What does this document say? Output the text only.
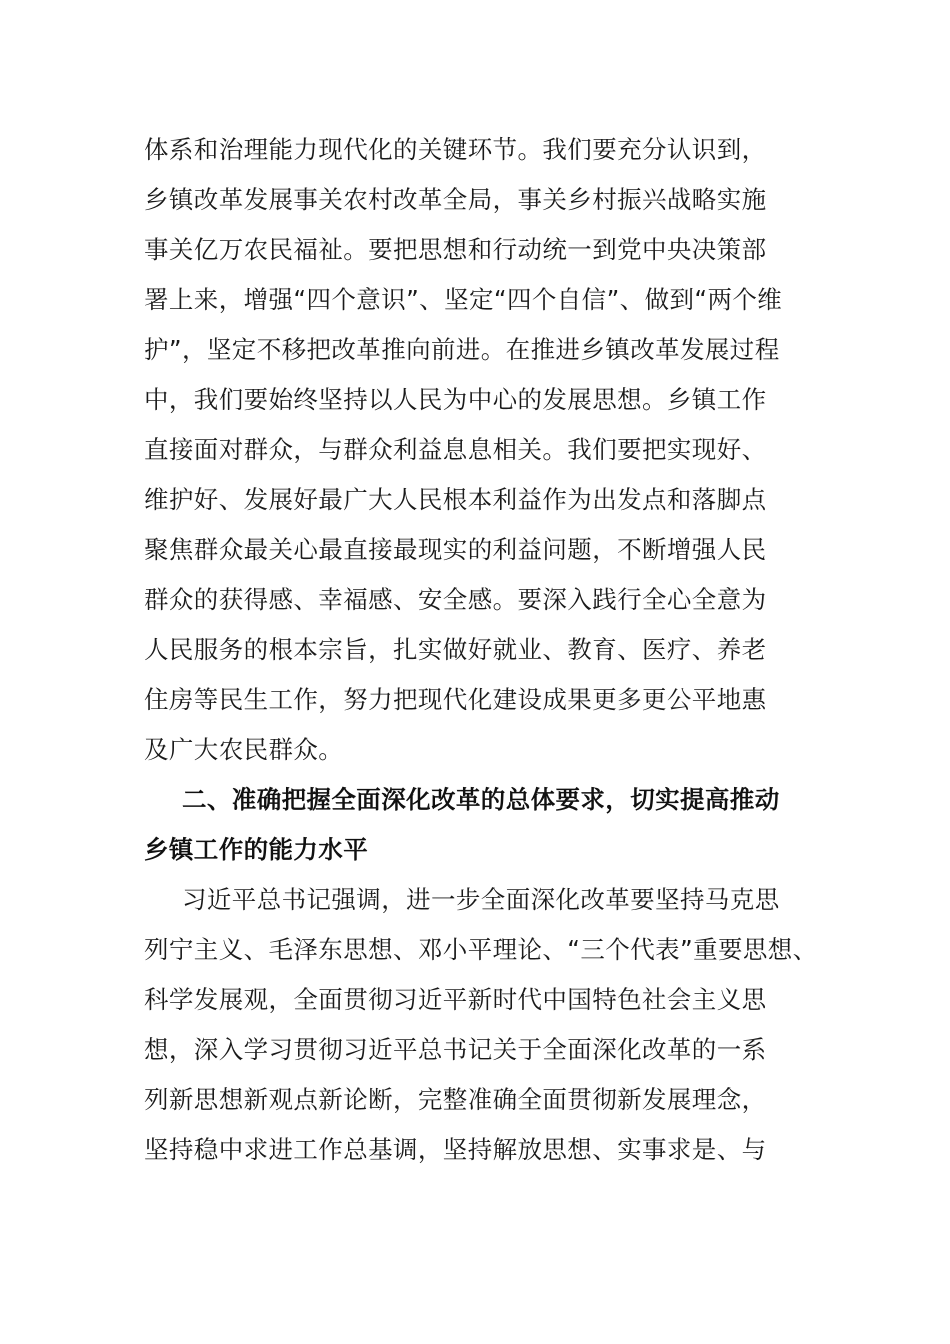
体系和治理能力现代化的关键环节。我们要充分认识到，
乡镇改革发展事关农村改革全局，事关乡村振兴战略实施
事关亿万农民福祉。要把思想和行动统一到党中央决策部
署上来，增强“四个意识”、坚定“四个自信”、做到“两个维
护”，坚定不移把改革推向前进。在推进乡镇改革发展过程
中，我们要始终坚持以人民为中心的发展思想。乡镇工作
直接面对群众，与群众利益息息相关。我们要把实现好、
维护好、发展好最广大人民根本利益作为出发点和落脚点
聚焦群众最关心最直接最现实的利益问题，不断增强人民
群众的获得感、幸福感、安全感。要深入践行全心全意为
人民服务的根本宗旨，扎实做好就业、教育、医疗、养老
住房等民生工作，努力把现代化建设成果更多更公平地惠
及广大农民群众。
二、准确把握全面深化改革的总体要求，切实提高推动
乡镇工作的能力水平
习近平总书记强调，进一步全面深化改革要坚持马克思
列宁主义、毛泽东思想、邓小平理论、“三个代表”重要思想、
科学发展观，全面贯彻习近平新时代中国特色社会主义思
想，深入学习贯彻习近平总书记关于全面深化改革的一系
列新思想新观点新论断，完整准确全面贯彻新发展理念，
坚持稳中求进工作总基调，坚持解放思想、实事求是、与
